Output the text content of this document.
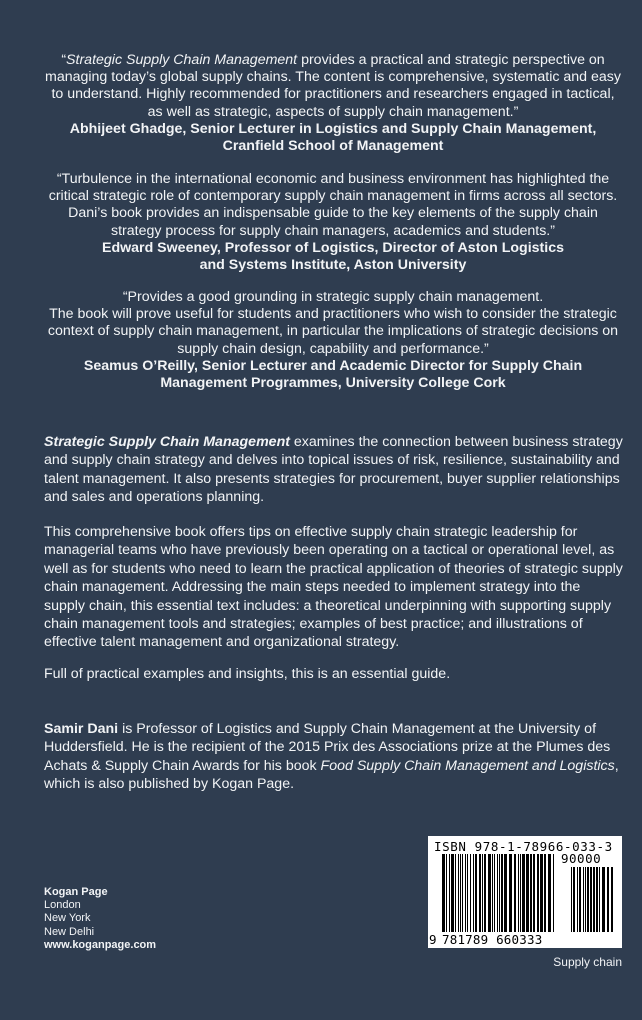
“Strategic Supply Chain Management provides a practical and strategic perspective on managing today’s global supply chains. The content is comprehensive, systematic and easy to understand. Highly recommended for practitioners and researchers engaged in tactical, as well as strategic, aspects of supply chain management.”
Abhijeet Ghadge, Senior Lecturer in Logistics and Supply Chain Management,
Cranfield School of Management
“Turbulence in the international economic and business environment has highlighted the critical strategic role of contemporary supply chain management in firms across all sectors. Dani’s book provides an indispensable guide to the key elements of the supply chain strategy process for supply chain managers, academics and students.”
Edward Sweeney, Professor of Logistics, Director of Aston Logistics
and Systems Institute, Aston University
“Provides a good grounding in strategic supply chain management.
The book will prove useful for students and practitioners who wish to consider the strategic context of supply chain management, in particular the implications of strategic decisions on supply chain design, capability and performance.”
Seamus O’Reilly, Senior Lecturer and Academic Director for Supply Chain
Management Programmes, University College Cork
Strategic Supply Chain Management examines the connection between business strategy and supply chain strategy and delves into topical issues of risk, resilience, sustainability and talent management. It also presents strategies for procurement, buyer supplier relationships and sales and operations planning.
This comprehensive book offers tips on effective supply chain strategic leadership for managerial teams who have previously been operating on a tactical or operational level, as well as for students who need to learn the practical application of theories of strategic supply chain management. Addressing the main steps needed to implement strategy into the supply chain, this essential text includes: a theoretical underpinning with supporting supply chain management tools and strategies; examples of best practice; and illustrations of effective talent management and organizational strategy.
Full of practical examples and insights, this is an essential guide.
Samir Dani is Professor of Logistics and Supply Chain Management at the University of Huddersfield. He is the recipient of the 2015 Prix des Associations prize at the Plumes des Achats & Supply Chain Awards for his book Food Supply Chain Management and Logistics, which is also published by Kogan Page.
Kogan Page
London
New York
New Delhi
www.koganpage.com
ISBN 978-1-78966-033-3
90000
9 781789 660333
Supply chain
